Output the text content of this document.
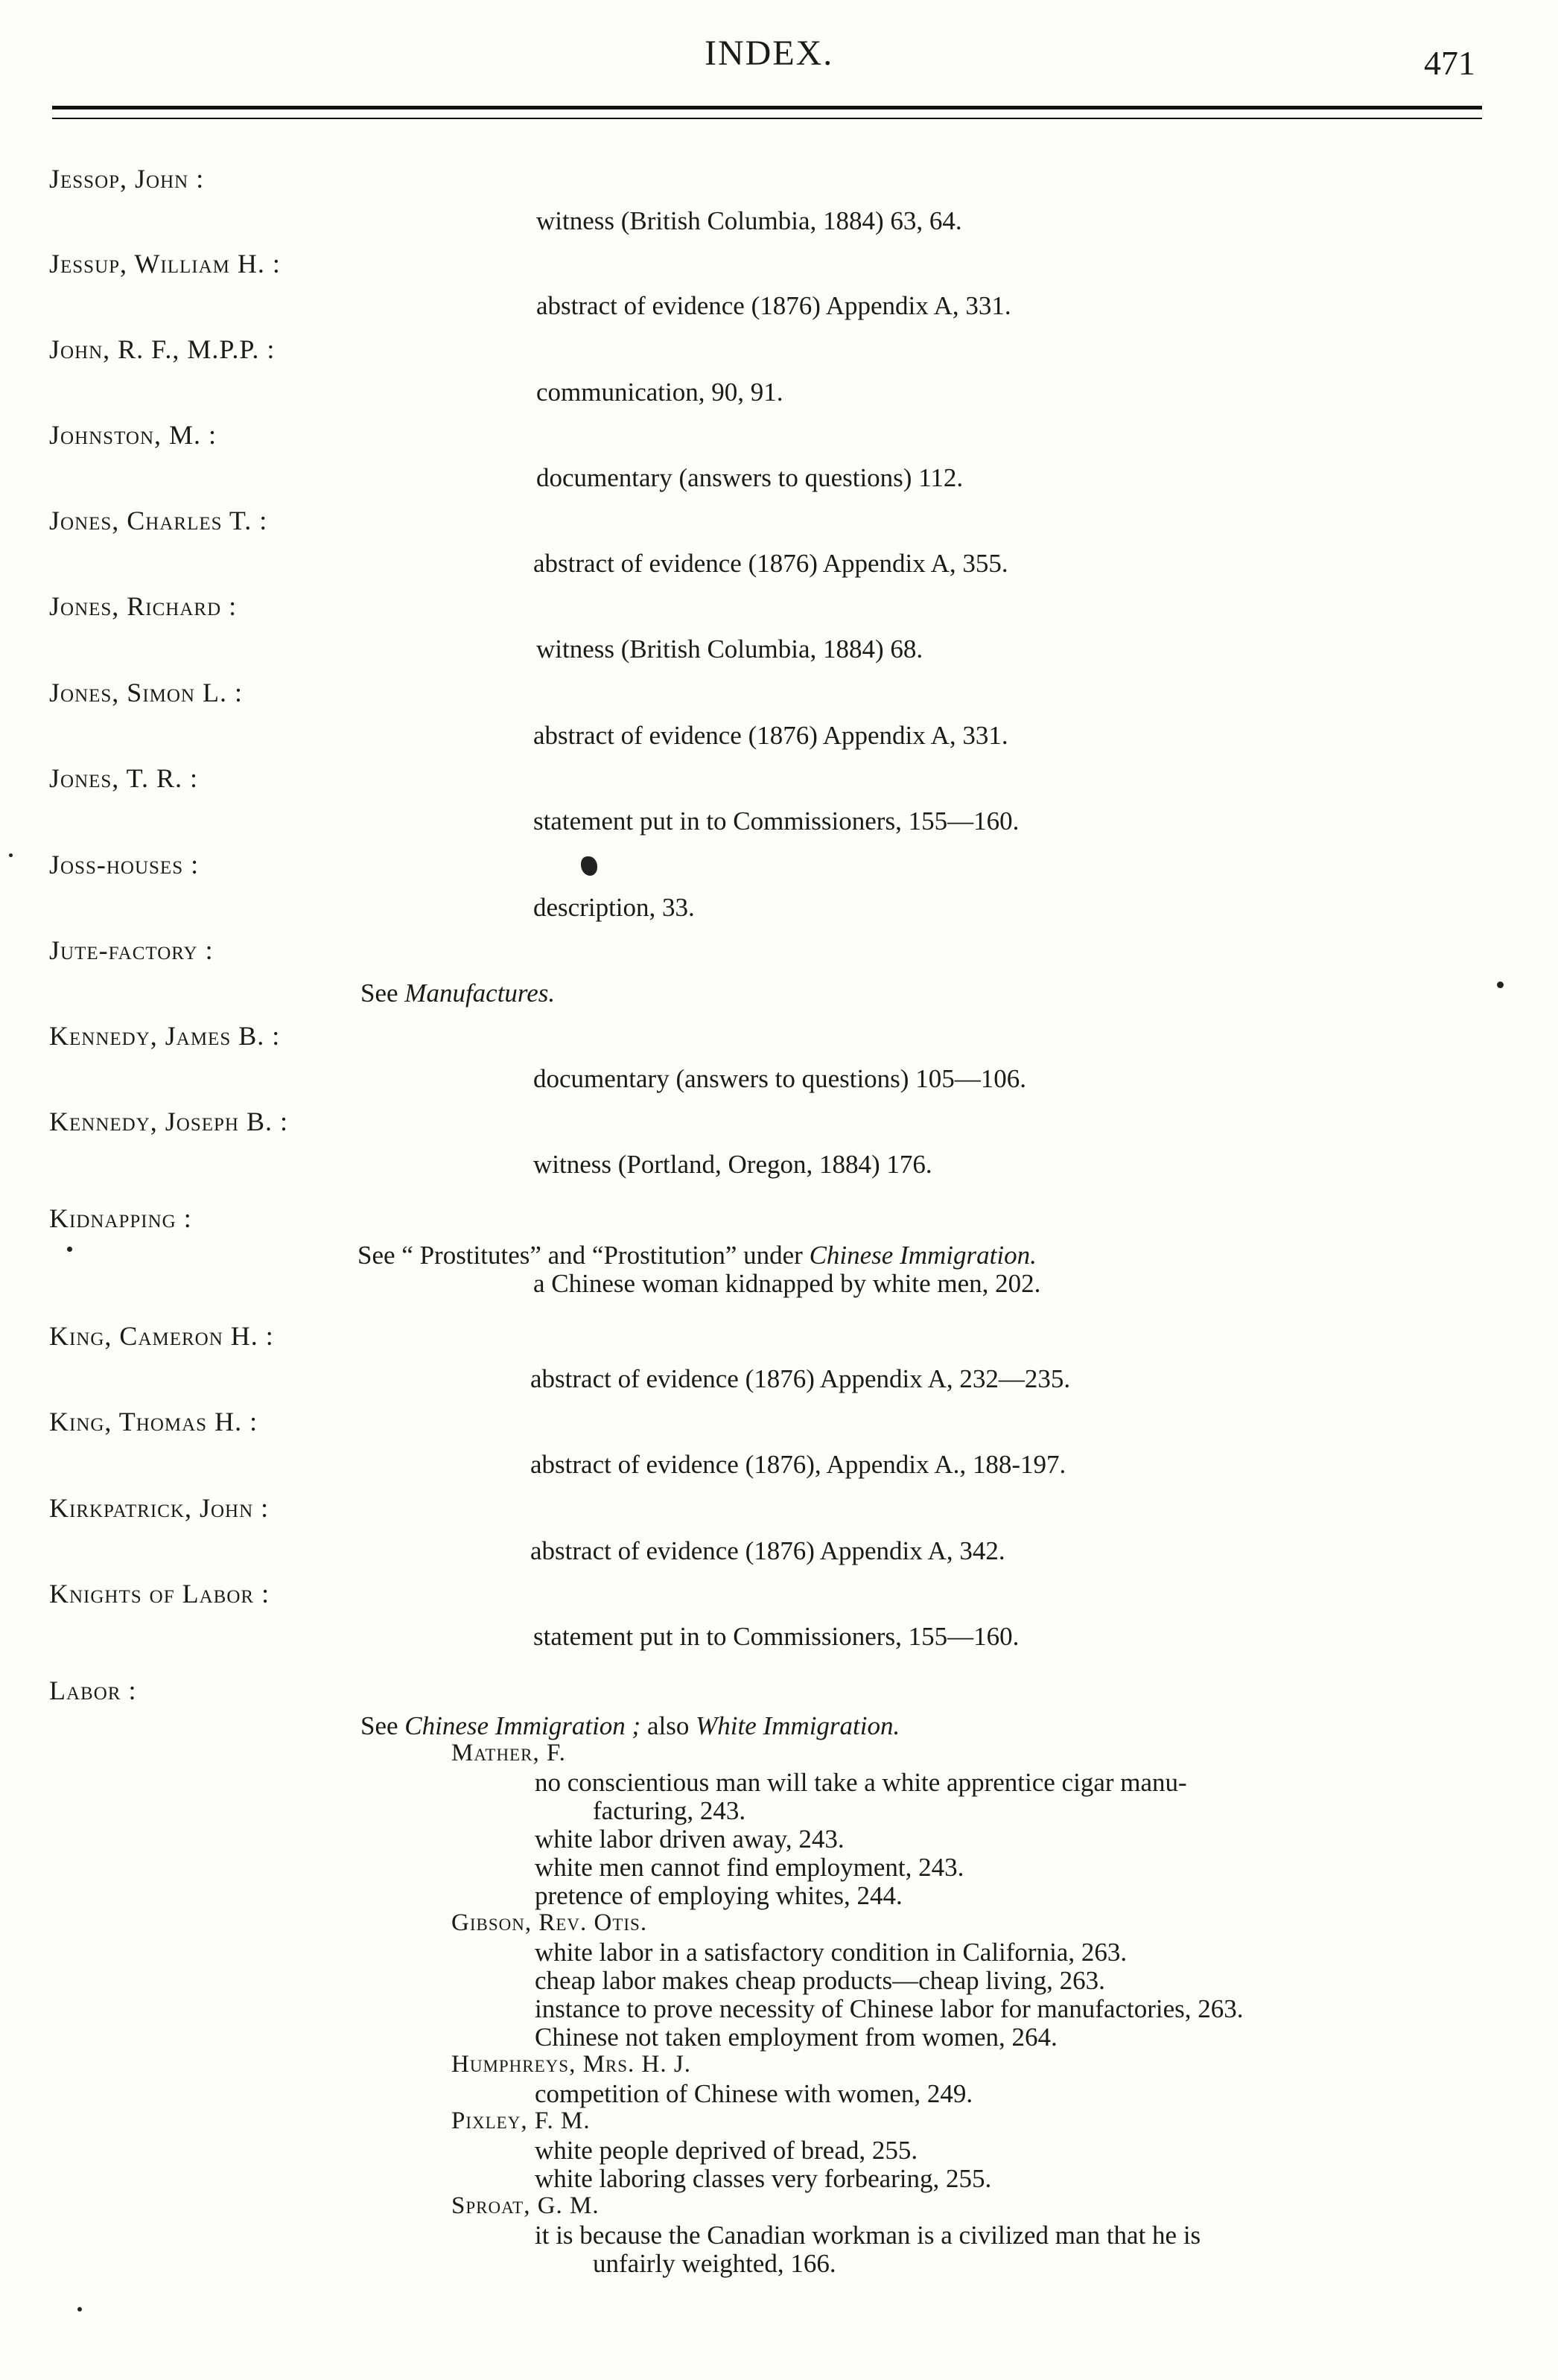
INDEX.	471
Jessop, John :
witness (British Columbia, 1884) 63, 64.
Jessup, William H. :
abstract of evidence (1876) Appendix A, 331.
John, R. F., M.P.P. :
communication, 90, 91.
Johnston, M. :
documentary (answers to questions) 112.
Jones, Charles T. :
abstract of evidence (1876) Appendix A, 355.
Jones, Richard :
witness (British Columbia, 1884) 68.
Jones, Simon L. :
abstract of evidence (1876) Appendix A, 331.
Jones, T. R. :
statement put in to Commissioners, 155—160.
Joss-houses :
description, 33.
Jute-factory :
See Manufactures.
Kennedy, James B. :
documentary (answers to questions) 105—106.
Kennedy, Joseph B. :
witness (Portland, Oregon, 1884) 176.
Kidnapping :
See “ Prostitutes” and “Prostitution” under Chinese Immigration.
a Chinese woman kidnapped by white men, 202.
King, Cameron H. :
abstract of evidence (1876) Appendix A, 232—235.
King, Thomas H. :
abstract of evidence (1876), Appendix A., 188-197.
Kirkpatrick, John :
abstract of evidence (1876) Appendix A, 342.
Knights of Labor :
statement put in to Commissioners, 155—160.
Labor :
See Chinese Immigration ; also White Immigration.
Mather, F.
no conscientious man will take a white apprentice cigar manu-
facturing, 243.
white labor driven away, 243.
white men cannot find employment, 243.
pretence of employing whites, 244.
Gibson, Rev. Otis.
white labor in a satisfactory condition in California, 263.
cheap labor makes cheap products—cheap living, 263.
instance to prove necessity of Chinese labor for manufactories, 263.
Chinese not taken employment from women, 264.
Humphreys, Mrs. H. J.
competition of Chinese with women, 249.
Pixley, F. M.
white people deprived of bread, 255.
white laboring classes very forbearing, 255.
Sproat, G. M.
it is because the Canadian workman is a civilized man that he is
unfairly weighted, 166.
